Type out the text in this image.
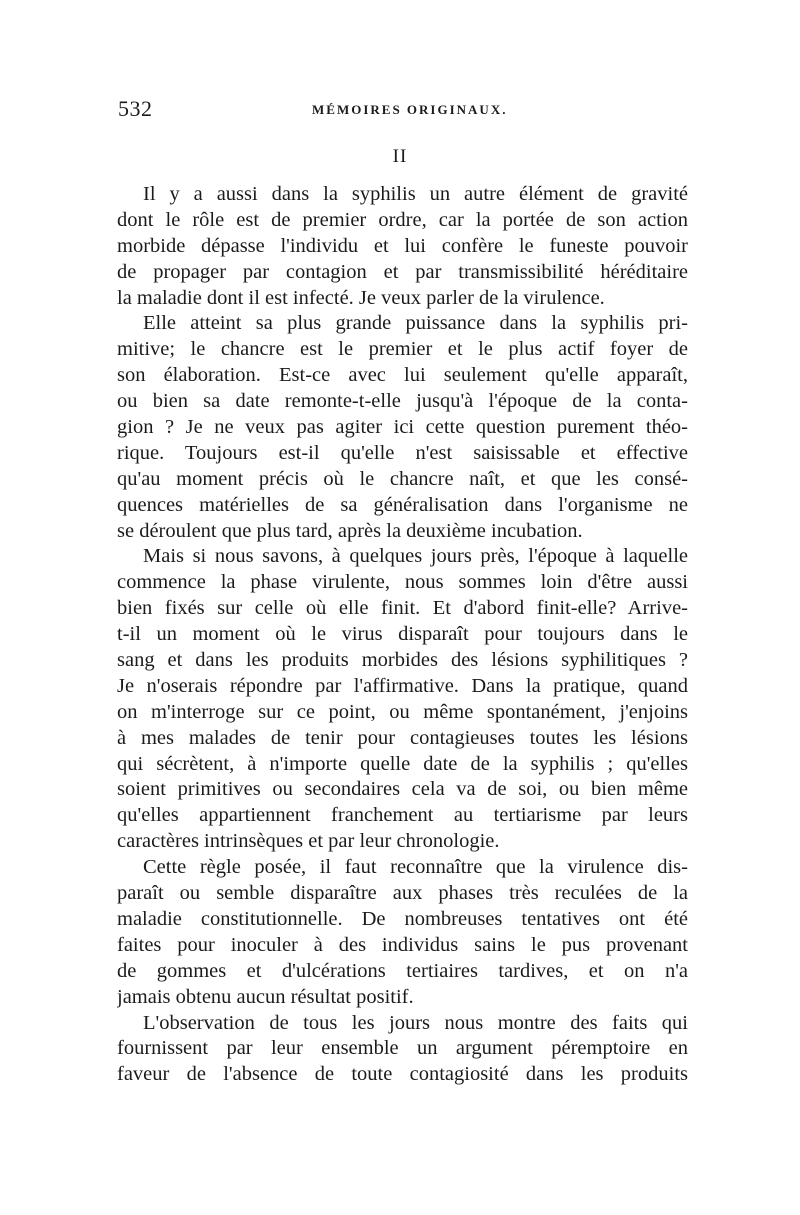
532	MÉMOIRES ORIGINAUX.
II
Il y a aussi dans la syphilis un autre élément de gravité
dont le rôle est de premier ordre, car la portée de son action
morbide dépasse l'individu et lui confère le funeste pouvoir
de propager par contagion et par transmissibilité héréditaire
la maladie dont il est infecté. Je veux parler de la virulence.
Elle atteint sa plus grande puissance dans la syphilis pri-
mitive; le chancre est le premier et le plus actif foyer de
son élaboration. Est-ce avec lui seulement qu'elle apparaît,
ou bien sa date remonte-t-elle jusqu'à l'époque de la conta-
gion ? Je ne veux pas agiter ici cette question purement théo-
rique. Toujours est-il qu'elle n'est saisissable et effective
qu'au moment précis où le chancre naît, et que les consé-
quences matérielles de sa généralisation dans l'organisme ne
se déroulent que plus tard, après la deuxième incubation.
Mais si nous savons, à quelques jours près, l'époque à laquelle
commence la phase virulente, nous sommes loin d'être aussi
bien fixés sur celle où elle finit. Et d'abord finit-elle? Arrive-
t-il un moment où le virus disparaît pour toujours dans le
sang et dans les produits morbides des lésions syphilitiques ?
Je n'oserais répondre par l'affirmative. Dans la pratique, quand
on m'interroge sur ce point, ou même spontanément, j'enjoins
à mes malades de tenir pour contagieuses toutes les lésions
qui sécrètent, à n'importe quelle date de la syphilis ; qu'elles
soient primitives ou secondaires cela va de soi, ou bien même
qu'elles appartiennent franchement au tertiarisme par leurs
caractères intrinsèques et par leur chronologie.
Cette règle posée, il faut reconnaître que la virulence dis-
paraît ou semble disparaître aux phases très reculées de la
maladie constitutionnelle. De nombreuses tentatives ont été
faites pour inoculer à des individus sains le pus provenant
de gommes et d'ulcérations tertiaires tardives, et on n'a
jamais obtenu aucun résultat positif.
L'observation de tous les jours nous montre des faits qui
fournissent par leur ensemble un argument péremptoire en
faveur de l'absence de toute contagiosité dans les produits
